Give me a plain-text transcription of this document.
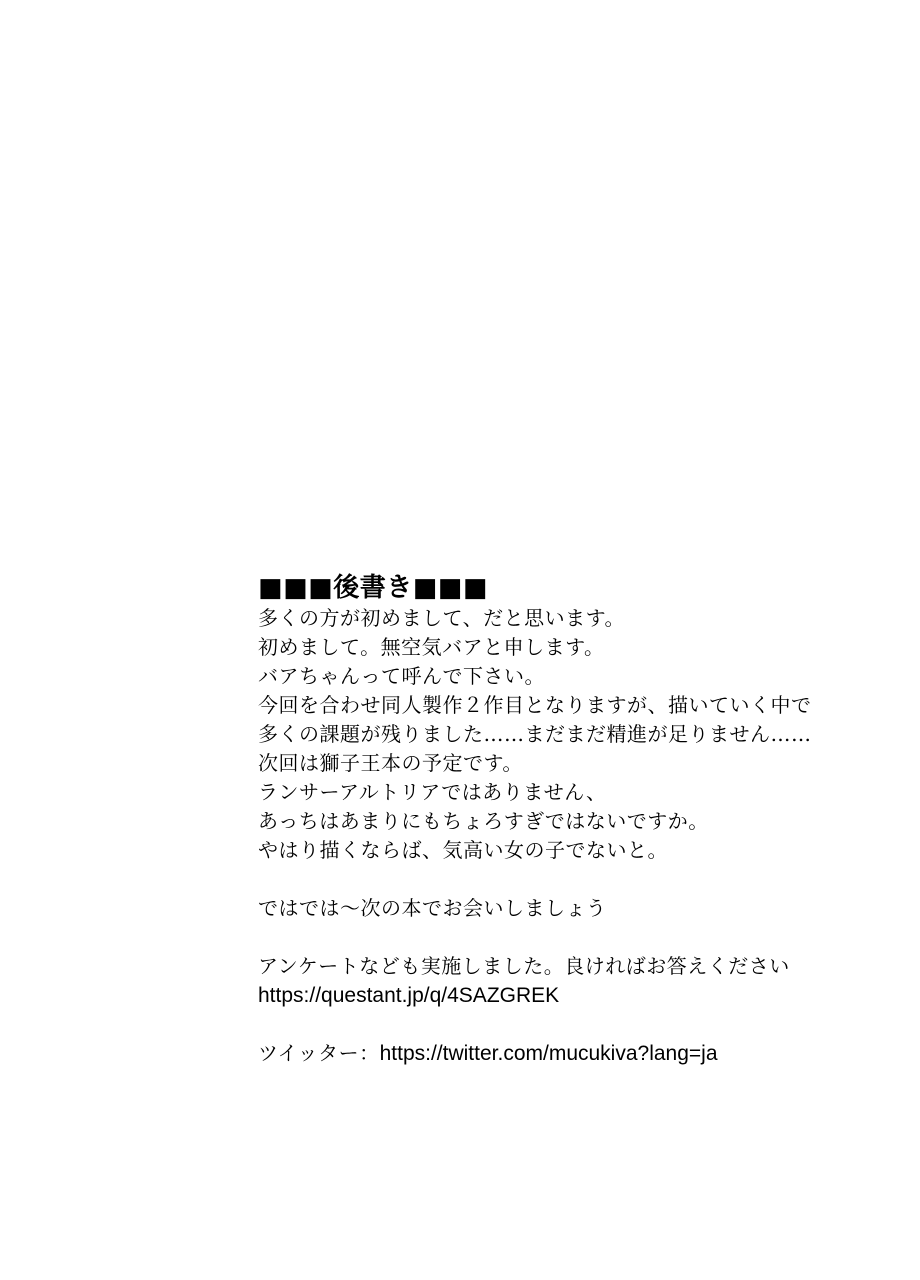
■■■後書き■■■

多くの方が初めまして、だと思います。

初めまして。無空気バアと申します。

バアちゃんって呼んで下さい。

今回を合わせ同人製作２作目となりますが、描いていく中で

多くの課題が残りました……まだまだ精進が足りません……

次回は獅子王本の予定です。

ランサーアルトリアではありません、

あっちはあまりにもちょろすぎではないですか。

やはり描くならば、気高い女の子でないと。

ではでは〜次の本でお会いしましょう

アンケートなども実施しました。良ければお答えください

https://questant.jp/q/4SAZGREK

ツイッター：https://twitter.com/mucukiva?lang=ja
